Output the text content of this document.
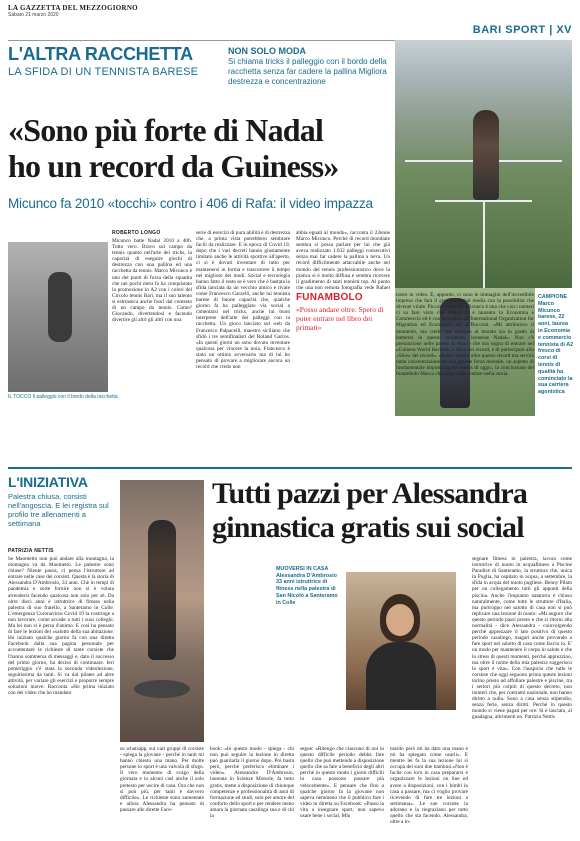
LA GAZZETTA DEL MEZZOGIORNO
Sabato 21 marzo 2020
BARI SPORT | XV
L'ALTRA RACCHETTA
LA SFIDA DI UN TENNISTA BARESE
NON SOLO MODA
Si chiama tricks il palleggio con il bordo della racchetta senza far cadere la pallina Migliora destrezza e concentrazione
«Sono più forte di Nadal
ho un record da Guiness»
Micunco fa 2010 «tocchi» contro i 406 di Rafa: il video impazza
CAMPIONE
Marco Micunco barese, 22 anni, laurea in Economia e commercio tennista di A2 fresco di corsi di tennis di qualità ha cominciato la sua carriera agonistica
IL TOCCO Il palleggio con il bordo della racchetta
ROBERTO LONGO
Micunco batte Nadal 2010 a 406. Tutto vero. Bravo sul campo da tennis quanto nell'arte dei tricks, la capacità di eseguire giochi di destrezza con una pallina ed una racchetta da tennis. Marco Micunco è uno dei punti di forza della squadra che nei pochi mesi fa ha conquistato la promozione in A2 con i colori del Circolo tennis Bari, ma il suo talento si estrinseca anche fuori dal contesto di un campo da tennis. Come? Giocando, divertendosi e facendo divertire gli altri gli altri con una
serie di esercizi di pura abilità e di destrezza che, a prima vista potrebbero sembrare facili da realizzare. E in epoca di Covid 19, dopo che i vari decreti hanno giustamente limitato anche le attività sportive all'aperto, ci si è dovuti inventare di tutto per mantenersi in forma e trascorrere il tempo nel migliore dei modi. Social e tecnologia hanno fatto il resto se è vero che è bastata la sfida lanciata da un vecchio amico e rivale come Francesco Garzelli, anche lui tennista barese di buone capacità che, qualche giorno fa ha palleggiato via social a cimentarsi nel tricks, anche lui buon interprete dell'arte dei palleggi con la racchetta. Un gioco lanciato sul web da Francesco Palpacelli, maestro siciliano che sfidò i tre semifinalisti del Roland Garros. «In questi giorni un sono dovuto inventare qualcosa per vincere la noia, Francesco è stato un ottimo avversario ma di lui ho pensato di provare a migliorare ancora un record che credo non
FUNAMBOLO
«Posso andare oltre. Spero di poter entrare nel libro dei primati»
abbia eguali al mondo», racconta il 22enne Marco Micunco. Perché di record mondiale sembra si possa parlare per lui che già aveva realizzato 1.032 palleggi consecutivi senza mai far cadere la pallina a terra. Un record difficilmente attaccabile anche nel mondo del tennis professionistico dove la pratica si è molto diffusa e sembra ricevere il gradimento di tanti tennisti top. Al punto che una non remota fotografia vede Rafael
trarre in video. E, appunto, ci sono le immagini dell'incredibile impresa che farà il giro dei social media con la possibilità che divenet virale. Piccola curiosità. Micunco è uno che con i numeri ci sa fare visto che Marco si è laureato in Economia e Commercio ed è con lavorativa all'International Organization for Migration ed Economics ed all'Bocconi. «Mi attribuisce il momento, ma credo che nessuno al mondo sia in grado di battermi in questo momento, leonesse Nadal». Non c'è presunzione nelle parole di Marco che ora sogna di entrare nel «Guiness World Records, il libro dei record, e di partecipare allo «Show dei record». «Posso andare oltre questo record ma servirà tanta concentrazione ed una grande forza mentale, un aspetto di fondamentale importanza nel tennis di oggi», la conclusione del funambolo Marco che, ora, vuole entrare nella storia.
L'INIZIATIVA
Palestra chiusa, corsisti nell'angoscia. E lei registra sul profilo tre allenamenti a settimana
Tutti pazzi per Alessandra
ginnastica gratis sui social
MUOVERSI IN CASA
Alessandra D'Ambrosio 33 anni istruttrice di fitness nella palestra di San Nicolò a Santeramo in Colle
PATRIZIA NETTIS
Se Maometto non può andare alla montagna, la montagna va da Maometto. Le palestre sono chiuse? Niente paura, ci pensa l'istruttore ad entrare nelle case dei corsisti. Questa è la storia di Alessandra D'Ambrosio, 33 anni. Chè in tempi di pandemia e sorte fornire non si è voluta arrendersi facendo qualcosa non solo per sé. Da oltre dieci anni è istruttrice di fitness nella palestra di suo fratello, a Santeramo in Colle. L'emergenza Coronavirus Covid 19 la costringe a non lavorare, come accade a tutti i suoi colleghi. Ma lei non si è persa d'animo. E così ha pensato di fare le lezioni del «salotto della sua abitazione. Ha iniziato qualche giorno fa con una diretta Facebook dalla sua pagina personale per accontentare le richieste di tante corsiste che l'hanno sommersa di messaggi e, dato il successo del primo giorno, ha deciso di continuare. Ieri pomeriggio c'è stata la seconda videolezione, seguitissima da tanti. Si va dal pilates ad altre attività, per variare gli esercizi e proporre sempre soluzioni nuove. Racconta «Ho prima iniziato con dei video che ho mandato
su whatsapp, sui vari gruppi di corsiste - spiega la giovane - perché in tanti mi hanno chiesto una mano. Per molte persone lo sport è una valvola di sfogo. Il vero momento di svago della giornata e in alcuni casi anche il solo pretesto per uscire di casa. Ora che non si può più, per tanti è davvero difficile». Le richieste sono aumentate e allora Alessandra ha pensato di passare alle dirette Face-
book: «In questo modo - spiega - chi non può seguire la lezione in diretta può guardarla il giorno dopo. Poi basta però, perché preferisco eliminare i video». Alessandra D'Ambrosio, laureata in Scienze Motorie, fa tutto gratis, mette a disposizione di chiunque competenze e professionalità di anni di formazione ed studi, solo per amore del conforto dello sport e per rendere meno amara la giornata casalinga sua e di chi la
segue: «Ritengo che ciascuno di noi in questo difficile periodo debba fare quello che può mettendo a disposizione quello che sa fare a beneficio degli altri perché in questo modo i giorni difficili in casa possono passare più velocemente». E pensare che fino a qualche giorno fa la giovane non sapeva nemmeno che il pubblico fare i video in diretta su Facebook: «Passo la vita a insegnare sport, non sapevo usare bene i social. Mio
marito però mi ha dato una mano e mi ha spiegato come usarli». E mentre lei fa la sua lezione lui si occupa dei suoi due bambini.«Non è facile con loro in casa prepararsi e organizzare le lezioni on line ed avere a disposizioni, con i bimbi in casa a passare, ma ci voglio provare ricevendo di fare tre lezioni a settimana». Le sue corsiste la adorano e la ringraziano per tutto quello che sta facendo. Alessandra, oltre a in-
segnare fitness in palestra, lavora come istruttrice di nuoto in acquafitness a Piscine Paradise di Santeramo, la struttura che, unica in Puglia, ha ospitato in acqua, a settembre, la sfida in acqua del nuoto pugliese. Benny Pilato per un collegamento tutti gli appunti della piscina. Anche l'impianto natatorio è chiuso naturalmente, come tutte le strutture d'Italia, ma purtroppo nel salotto di casa non si può replicare una lezione di nuoto: «Mi auguro che questo periodo passi presto e che si ritorni alla normalità - dice Alessandra - coinvolgendo perché apprezzare il lato positivo di questo periodo casalingo, magari anche provando a fare sport nel salotto di casa come faccio io. E' un modo per mantenere il corpo in salute e che lo stress di questi momenti, perché apprezzino, ma oltre il nome della mia palestra suggerisco lo sport è vita». Con l'auspicio che tutte le corsiste che oggi seguono prima queste lezioni torino presto ad affollare palestre e piscine, tra i sertori più colpiti di questo decreto, non ininteri che, per contrattó nazionale, non hanno diritto a nulla. Sono a casa senza stipendio, senza ferie, senza diritti. Perché in questo mondo si viene pagati per ore. Si è lasciato, al guadagna, altrimenti no. Patrizia Nettis
